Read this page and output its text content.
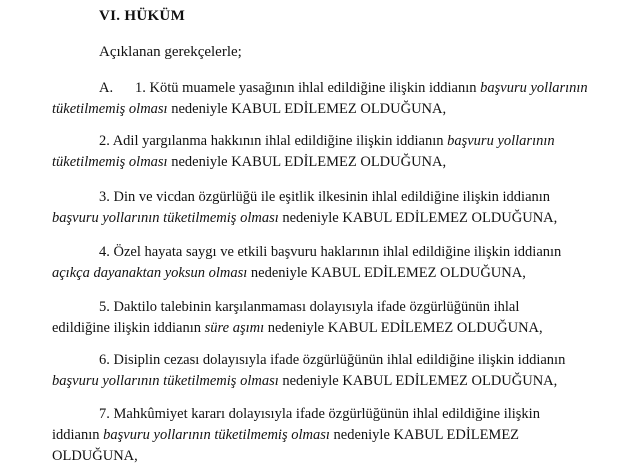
VI. HÜKÜM
Açıklanan gerekçelerle;

A. 1. Kötü muamele yasağının ihlal edildiğine ilişkin iddianın başvuru yollarının
tüketilmemiş olması nedeniyle KABUL EDİLEMEZ OLDUĞUNA,

2. Adil yargılanma hakkının ihlal edildiğine ilişkin iddianın başvuru yollarının
tüketilmemiş olması nedeniyle KABUL EDİLEMEZ OLDUĞUNA,

3. Din ve vicdan özgürlüğü ile eşitlik ilkesinin ihlal edildiğine ilişkin iddianın
başvuru yollarının tüketilmemiş olması nedeniyle KABUL EDİLEMEZ OLDUĞUNA,

4. Özel hayata saygı ve etkili başvuru haklarının ihlal edildiğine ilişkin iddianın
açıkça dayanaktan yoksun olması nedeniyle KABUL EDİLEMEZ OLDUĞUNA,

5. Daktilo talebinin karşılanmaması dolayısıyla ifade özgürlüğünün ihlal
edildiğine ilişkin iddianın süre aşımı nedeniyle KABUL EDİLEMEZ OLDUĞUNA,

6. Disiplin cezası dolayısıyla ifade özgürlüğünün ihlal edildiğine ilişkin iddianın
başvuru yollarının tüketilmemiş olması nedeniyle KABUL EDİLEMEZ OLDUĞUNA,

7. Mahkûmiyet kararı dolayısıyla ifade özgürlüğünün ihlal edildiğine ilişkin
iddianın başvuru yollarının tüketilmemiş olması nedeniyle KABUL EDİLEMEZ
OLDUĞUNA,
